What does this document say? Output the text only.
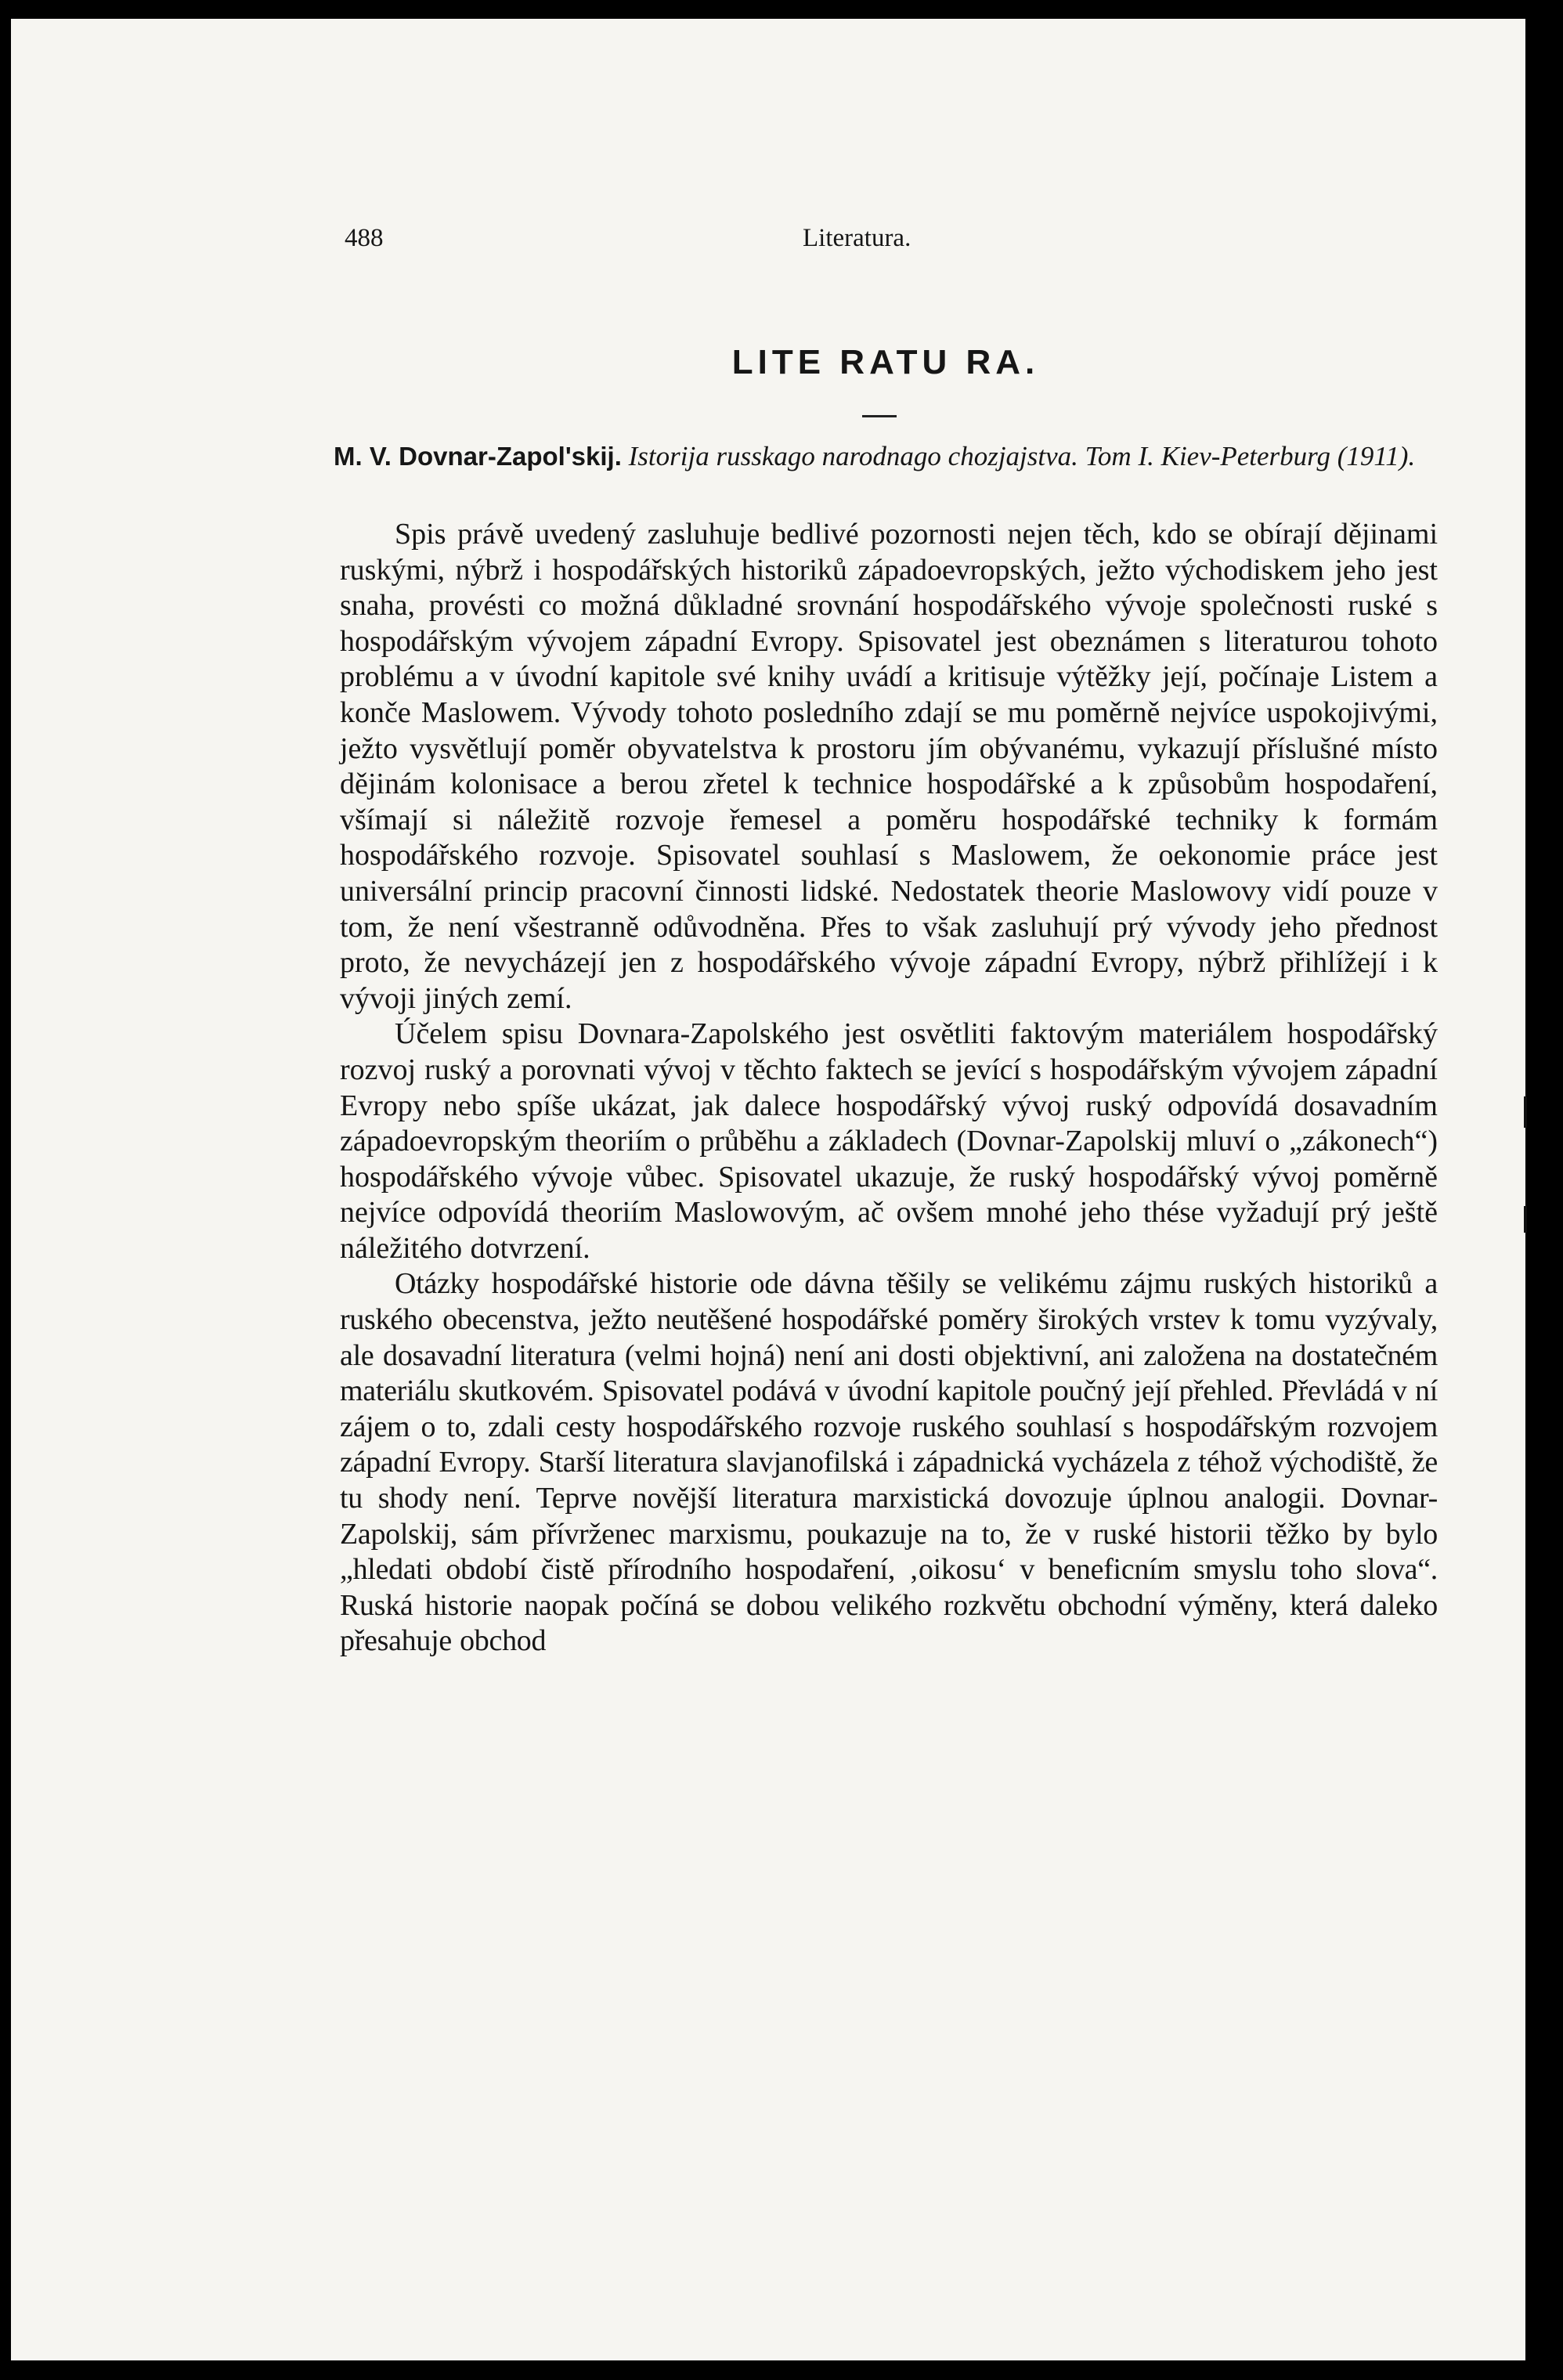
488	Literatura.
LITE RATU RA.
M. V. Dovnar-Zapol'skij. Istorija russkago narodnago chozjajstva. Tom I. Kiev-Peterburg (1911).

Spis právě uvedený zasluhuje bedlivé pozornosti nejen těch, kdo se obírají dějinami ruskými, nýbrž i hospodářských historiků západoevropských, ježto východiskem jeho jest snaha, provésti co možná důkladné srovnání hospodářského vývoje společnosti ruské s hospodářským vývojem západní Evropy. Spisovatel jest obeznámen s literaturou tohoto problému a v úvodní kapitole své knihy uvádí a kritisuje výtěžky její, počínaje Listem a konče Maslowem. Vývody tohoto posledního zdají se mu poměrně nejvíce uspokojivými, ježto vysvětlují poměr obyvatelstva k prostoru jím obývanému, vykazují příslušné místo dějinám kolonisace a berou zřetel k technice hospodářské a k způsobům hospodaření, všímají si náležitě rozvoje řemesel a poměru hospodářské techniky k formám hospodářského rozvoje. Spisovatel souhlasí s Maslowem, že oekonomie práce jest universální princip pracovní činnosti lidské. Nedostatek theorie Maslowovy vidí pouze v tom, že není všestranně odůvodněna. Přes to však zasluhují prý vývody jeho přednost proto, že nevycházejí jen z hospodářského vývoje západní Evropy, nýbrž přihlížejí i k vývoji jiných zemí.

Účelem spisu Dovnara-Zapolského jest osvětliti faktovým materiálem hospodářský rozvoj ruský a porovnati vývoj v těchto faktech se jevící s hospodářským vývojem západní Evropy nebo spíše ukázat, jak dalece hospodářský vývoj ruský odpovídá dosavadním západoevropským theoriím o průběhu a základech (Dovnar-Zapolskij mluví o „zákonech“) hospodářského vývoje vůbec. Spisovatel ukazuje, že ruský hospodářský vývoj poměrně nejvíce odpovídá theoriím Maslowovým, ač ovšem mnohé jeho thése vyžadují prý ještě náležitého dotvrzení.

Otázky hospodářské historie ode dávna těšily se velikému zájmu ruských historiků a ruského obecenstva, ježto neutěšené hospodářské poměry širokých vrstev k tomu vyzývaly, ale dosavadní literatura (velmi hojná) není ani dosti objektivní, ani založena na dostatečném materiálu skutkovém. Spisovatel podává v úvodní kapitole poučný její přehled. Převládá v ní zájem o to, zdali cesty hospodářského rozvoje ruského souhlasí s hospodářským rozvojem západní Evropy. Starší literatura slavjanofilská i západnická vycházela z téhož východiště, že tu shody není. Teprve novější literatura marxistická dovozuje úplnou analogii. Dovnar-Zapolskij, sám přívrženec marxismu, poukazuje na to, že v ruské historii těžko by bylo „hledati období čistě přírodního hospodaření, ‚oikosu‘ v beneficním smyslu toho slova“. Ruská historie naopak počíná se dobou velikého rozkvětu obchodní výměny, která daleko přesahuje obchod
